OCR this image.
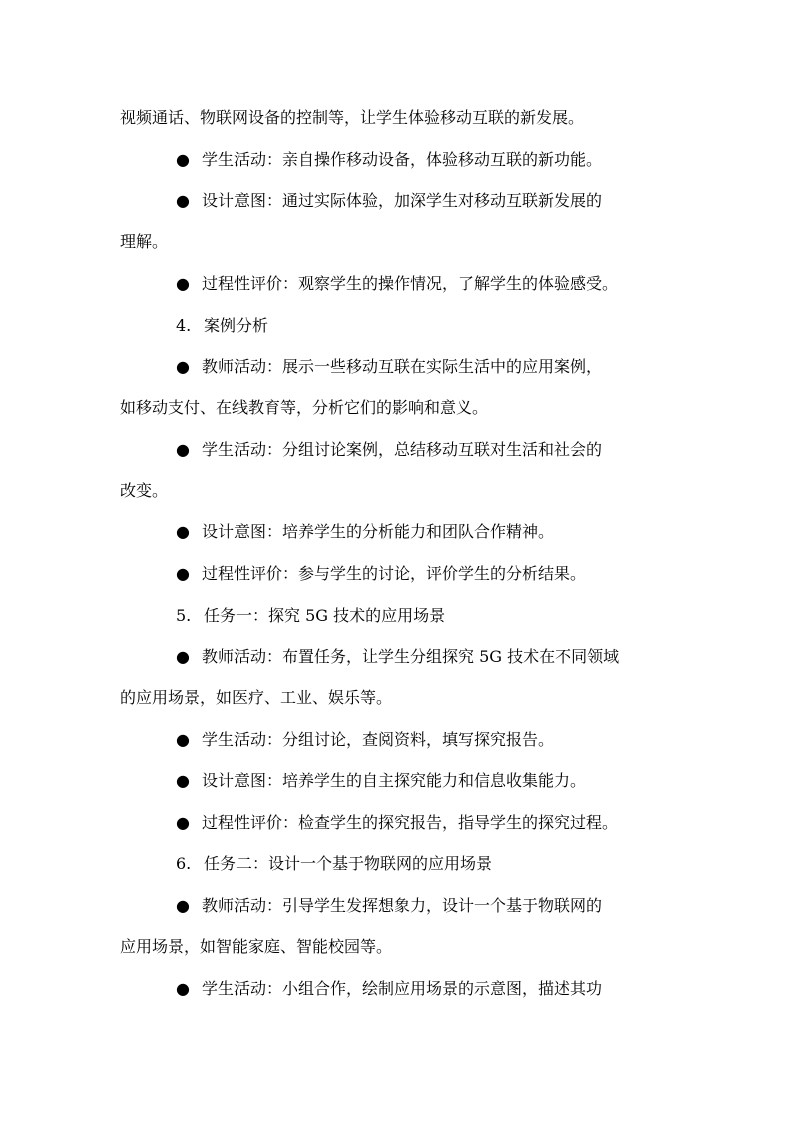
视频通话、物联网设备的控制等，让学生体验移动互联的新发展。
● 学生活动：亲自操作移动设备，体验移动互联的新功能。
● 设计意图：通过实际体验，加深学生对移动互联新发展的
理解。
● 过程性评价：观察学生的操作情况，了解学生的体验感受。
4. 案例分析
● 教师活动：展示一些移动互联在实际生活中的应用案例，
如移动支付、在线教育等，分析它们的影响和意义。
● 学生活动：分组讨论案例，总结移动互联对生活和社会的
改变。
● 设计意图：培养学生的分析能力和团队合作精神。
● 过程性评价：参与学生的讨论，评价学生的分析结果。
5. 任务一：探究 5G 技术的应用场景
● 教师活动：布置任务，让学生分组探究 5G 技术在不同领域
的应用场景，如医疗、工业、娱乐等。
● 学生活动：分组讨论，查阅资料，填写探究报告。
● 设计意图：培养学生的自主探究能力和信息收集能力。
● 过程性评价：检查学生的探究报告，指导学生的探究过程。
6. 任务二：设计一个基于物联网的应用场景
● 教师活动：引导学生发挥想象力，设计一个基于物联网的
应用场景，如智能家庭、智能校园等。
● 学生活动：小组合作，绘制应用场景的示意图，描述其功
